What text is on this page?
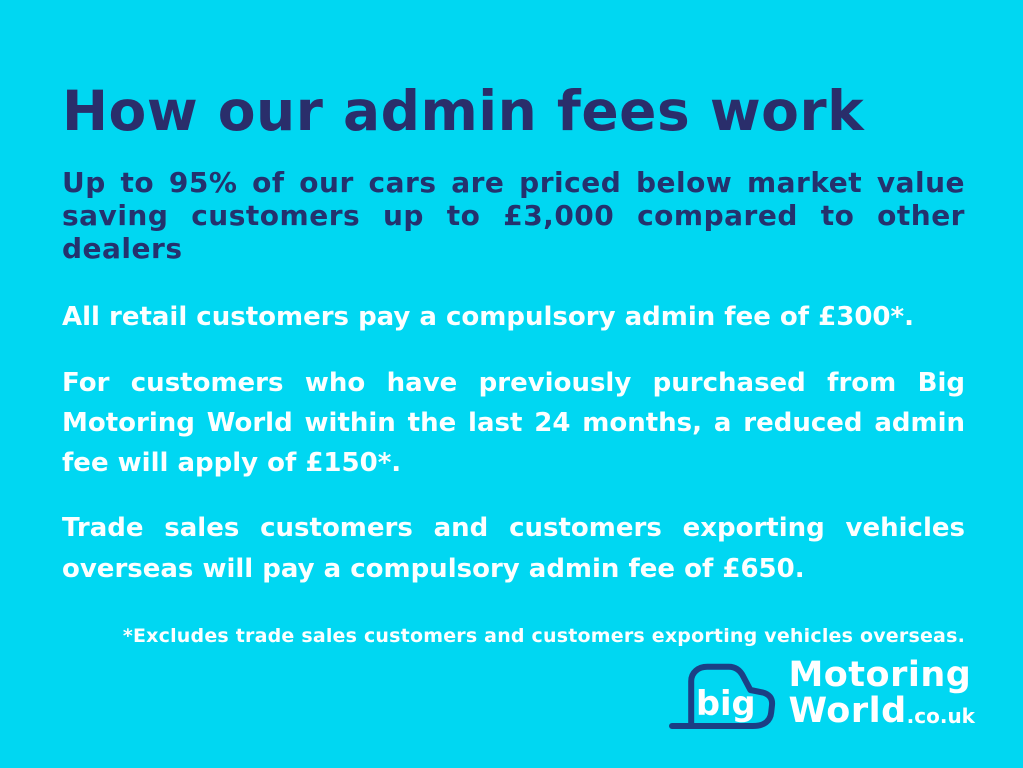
How our admin fees work
Up to 95% of our cars are priced below market value saving customers up to £3,000 compared to other dealers

All retail customers pay a compulsory admin fee of £300*.

For customers who have previously purchased from Big Motoring World within the last 24 months, a reduced admin fee will apply of £150*.

Trade sales customers and customers exporting vehicles overseas will pay a compulsory admin fee of £650.

*Excludes trade sales customers and customers exporting vehicles overseas.
big
Motoring
World.co.uk
